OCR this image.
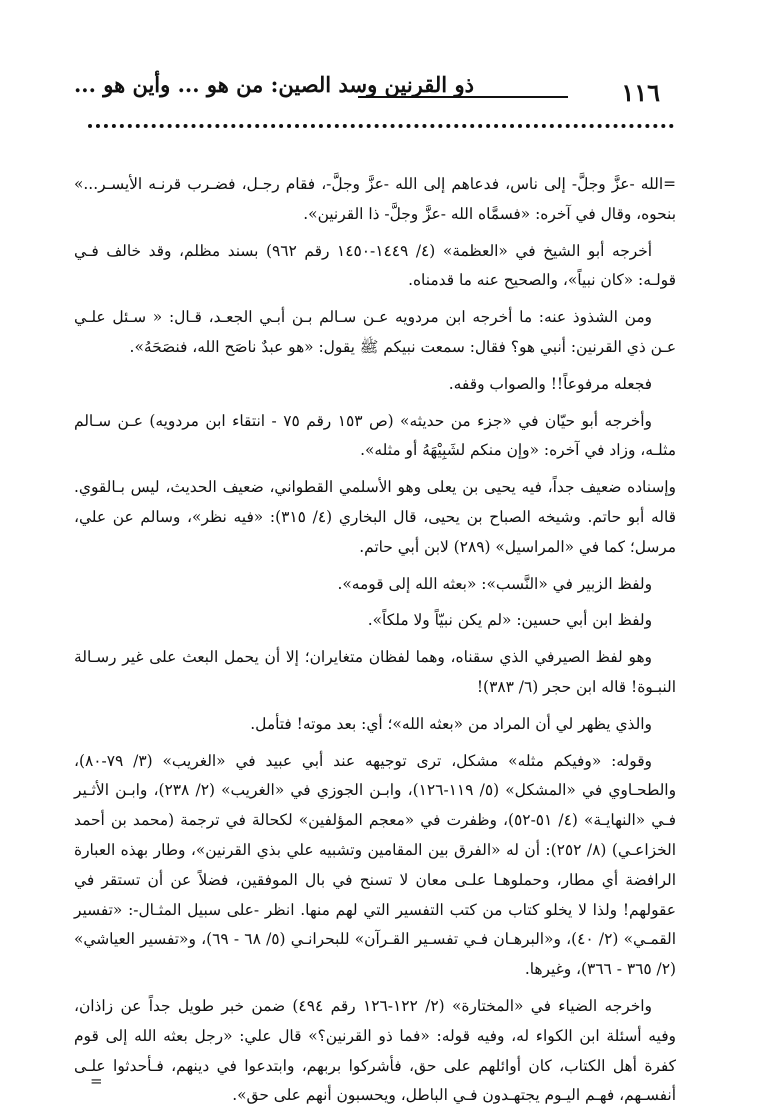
١١٦
ذو القرنين وسد الصين: من هو ... وأين هو ...

=الله -عزَّ وجلَّ- إلى ناس، فدعاهم إلى الله -عزَّ وجلَّ-، فقام رجـل، فضـرب قرنـه الأيسـر...» بنحوه، وقال في آخره: «فسمَّاه الله -عزَّ وجلَّ- ذا القرنين».

أخرجه أبو الشيخ في «العظمة» (٤/ ١٤٤٩-١٤٥٠ رقم ٩٦٢) بسند مظلم، وقد خالف فـي قولـه: «كان نبياً»، والصحيح عنه ما قدمناه.

ومن الشذوذ عنه: ما أخرجه ابن مردويه عـن سـالم بـن أبـي الجعـد، قـال: « سـئل علـي عـن ذي القرنين: أنبي هو؟ فقال: سمعت نبيكم ﷺ يقول: «هو عبدٌ ناصَح الله، فنصَحَهُ».

فجعله مرفوعاً!! والصواب وقفه.

وأخرجه أبو حيّان في «جزء من حديثه» (ص ١٥٣ رقم ٧٥ - انتقاء ابن مردويه) عـن سـالم مثلـه، وزاد في آخره: «وإن منكم لشَبِيْهَهُ أو مثله».

وإسناده ضعيف جداً، فيه يحيى بن يعلى وهو الأسلمي القطواني، ضعيف الحديث، ليس بـالقوي. قاله أبو حاتم. وشيخه الصباح بن يحيى، قال البخاري (٤/ ٣١٥): «فيه نظر»، وسالم عن علي، مرسل؛ كما في «المراسيل» (٢٨٩) لابن أبي حاتم.

ولفظ الزبير في «النَّسب»: «بعثه الله إلى قومه».

ولفظ ابن أبي حسين: «لم يكن نبيّاً ولا ملكاً».

وهو لفظ الصيرفي الذي سقناه، وهما لفظان متغايران؛ إلا أن يحمل البعث على غير رسـالة النبـوة! قاله ابن حجر (٦/ ٣٨٣)!

والذي يظهر لي أن المراد من «بعثه الله»؛ أي: بعد موته! فتأمل.

وقوله: «وفيكم مثله» مشكل، ترى توجيهه عند أبي عبيد في «الغريب» (٣/ ٧٩-٨٠)، والطحـاوي في «المشكل» (٥/ ١١٩-١٢٦)، وابـن الجوزي في «الغريب» (٢/ ٢٣٨)، وابـن الأثـير فـي «النهايـة» (٤/ ٥١-٥٢)، وظفرت في «معجم المؤلفين» لكحالة في ترجمة (محمد بن أحمد الخزاعـي) (٨/ ٢٥٢): أن له «الفرق بين المقامين وتشبيه علي بذي القرنين»، وطار بهذه العبارة الرافضة أي مطار، وحملوهـا علـى معان لا تسنح في بال الموفقين، فضلاً عن أن تستقر في عقولهم! ولذا لا يخلو كتاب من كتب التفسير التي لهم منها. انظر -على سبيل المثـال-: «تفسير القمـي» (٢/ ٤٠)، و«البرهـان فـي تفسـير القـرآن» للبحرانـي (٥/ ٦٨ - ٦٩)، و«تفسير العياشي» (٢/ ٣٦٥ - ٣٦٦)، وغيرها.

واخرجه الضياء في «المختارة» (٢/ ١٢٢-١٢٦ رقم ٤٩٤) ضمن خبر طويل جداً عن زاذان، وفيه أسئلة ابن الكواء له، وفيه قوله: «فما ذو القرنين؟» قال علي: «رجل بعثه الله إلى قوم كفرة أهل الكتاب، كان أوائلهم على حق، فأشركوا بربهم، وابتدعوا في دينهم، فـأحدثوا علـى أنفسـهم، فهـم اليـوم يجتهـدون فـي الباطل، ويحسبون أنهم على حق».

=
